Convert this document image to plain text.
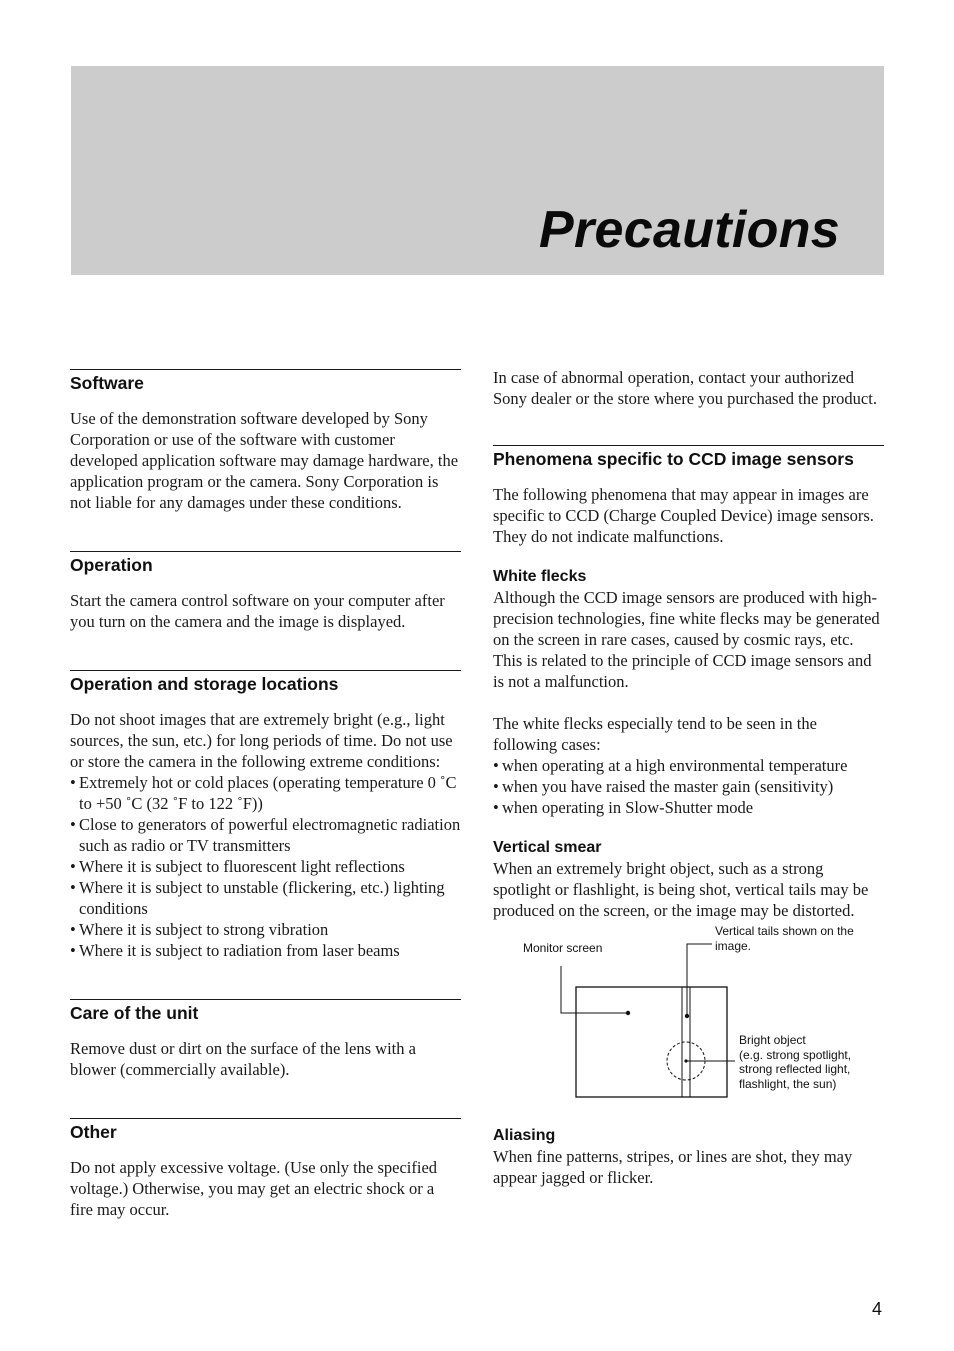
Precautions
Software

Use of the demonstration software developed by Sony Corporation or use of the software with customer developed application software may damage hardware, the application program or the camera. Sony Corporation is not liable for any damages under these conditions.

Operation

Start the camera control software on your computer after you turn on the camera and the image is displayed.

Operation and storage locations

Do not shoot images that are extremely bright (e.g., light sources, the sun, etc.) for long periods of time. Do not use or store the camera in the following extreme conditions:

• Extremely hot or cold places (operating temperature 0 ˚C to +50 ˚C (32 ˚F to 122 ˚F))
• Close to generators of powerful electromagnetic radiation such as radio or TV transmitters
• Where it is subject to fluorescent light reflections
• Where it is subject to unstable (flickering, etc.) lighting conditions
• Where it is subject to strong vibration
• Where it is subject to radiation from laser beams
Care of the unit

Remove dust or dirt on the surface of the lens with a blower (commercially available).

Other

Do not apply excessive voltage. (Use only the specified voltage.) Otherwise, you may get an electric shock or a fire may occur.

In case of abnormal operation, contact your authorized Sony dealer or the store where you purchased the product.

Phenomena specific to CCD image sensors

The following phenomena that may appear in images are specific to CCD (Charge Coupled Device) image sensors. They do not indicate malfunctions.

White flecks

Although the CCD image sensors are produced with high-precision technologies, fine white flecks may be generated on the screen in rare cases, caused by cosmic rays, etc.

This is related to the principle of CCD image sensors and is not a malfunction.

The white flecks especially tend to be seen in the following cases:

• when operating at a high environmental temperature
• when you have raised the master gain (sensitivity)
• when operating in Slow-Shutter mode
Vertical smear

When an extremely bright object, such as a strong spotlight or flashlight, is being shot, vertical tails may be produced on the screen, or the image may be distorted.

Monitor screen
Vertical tails shown on the
image.
Bright object
(e.g. strong spotlight,
strong reflected light,
flashlight, the sun)
Aliasing

When fine patterns, stripes, or lines are shot, they may appear jagged or flicker.

4
